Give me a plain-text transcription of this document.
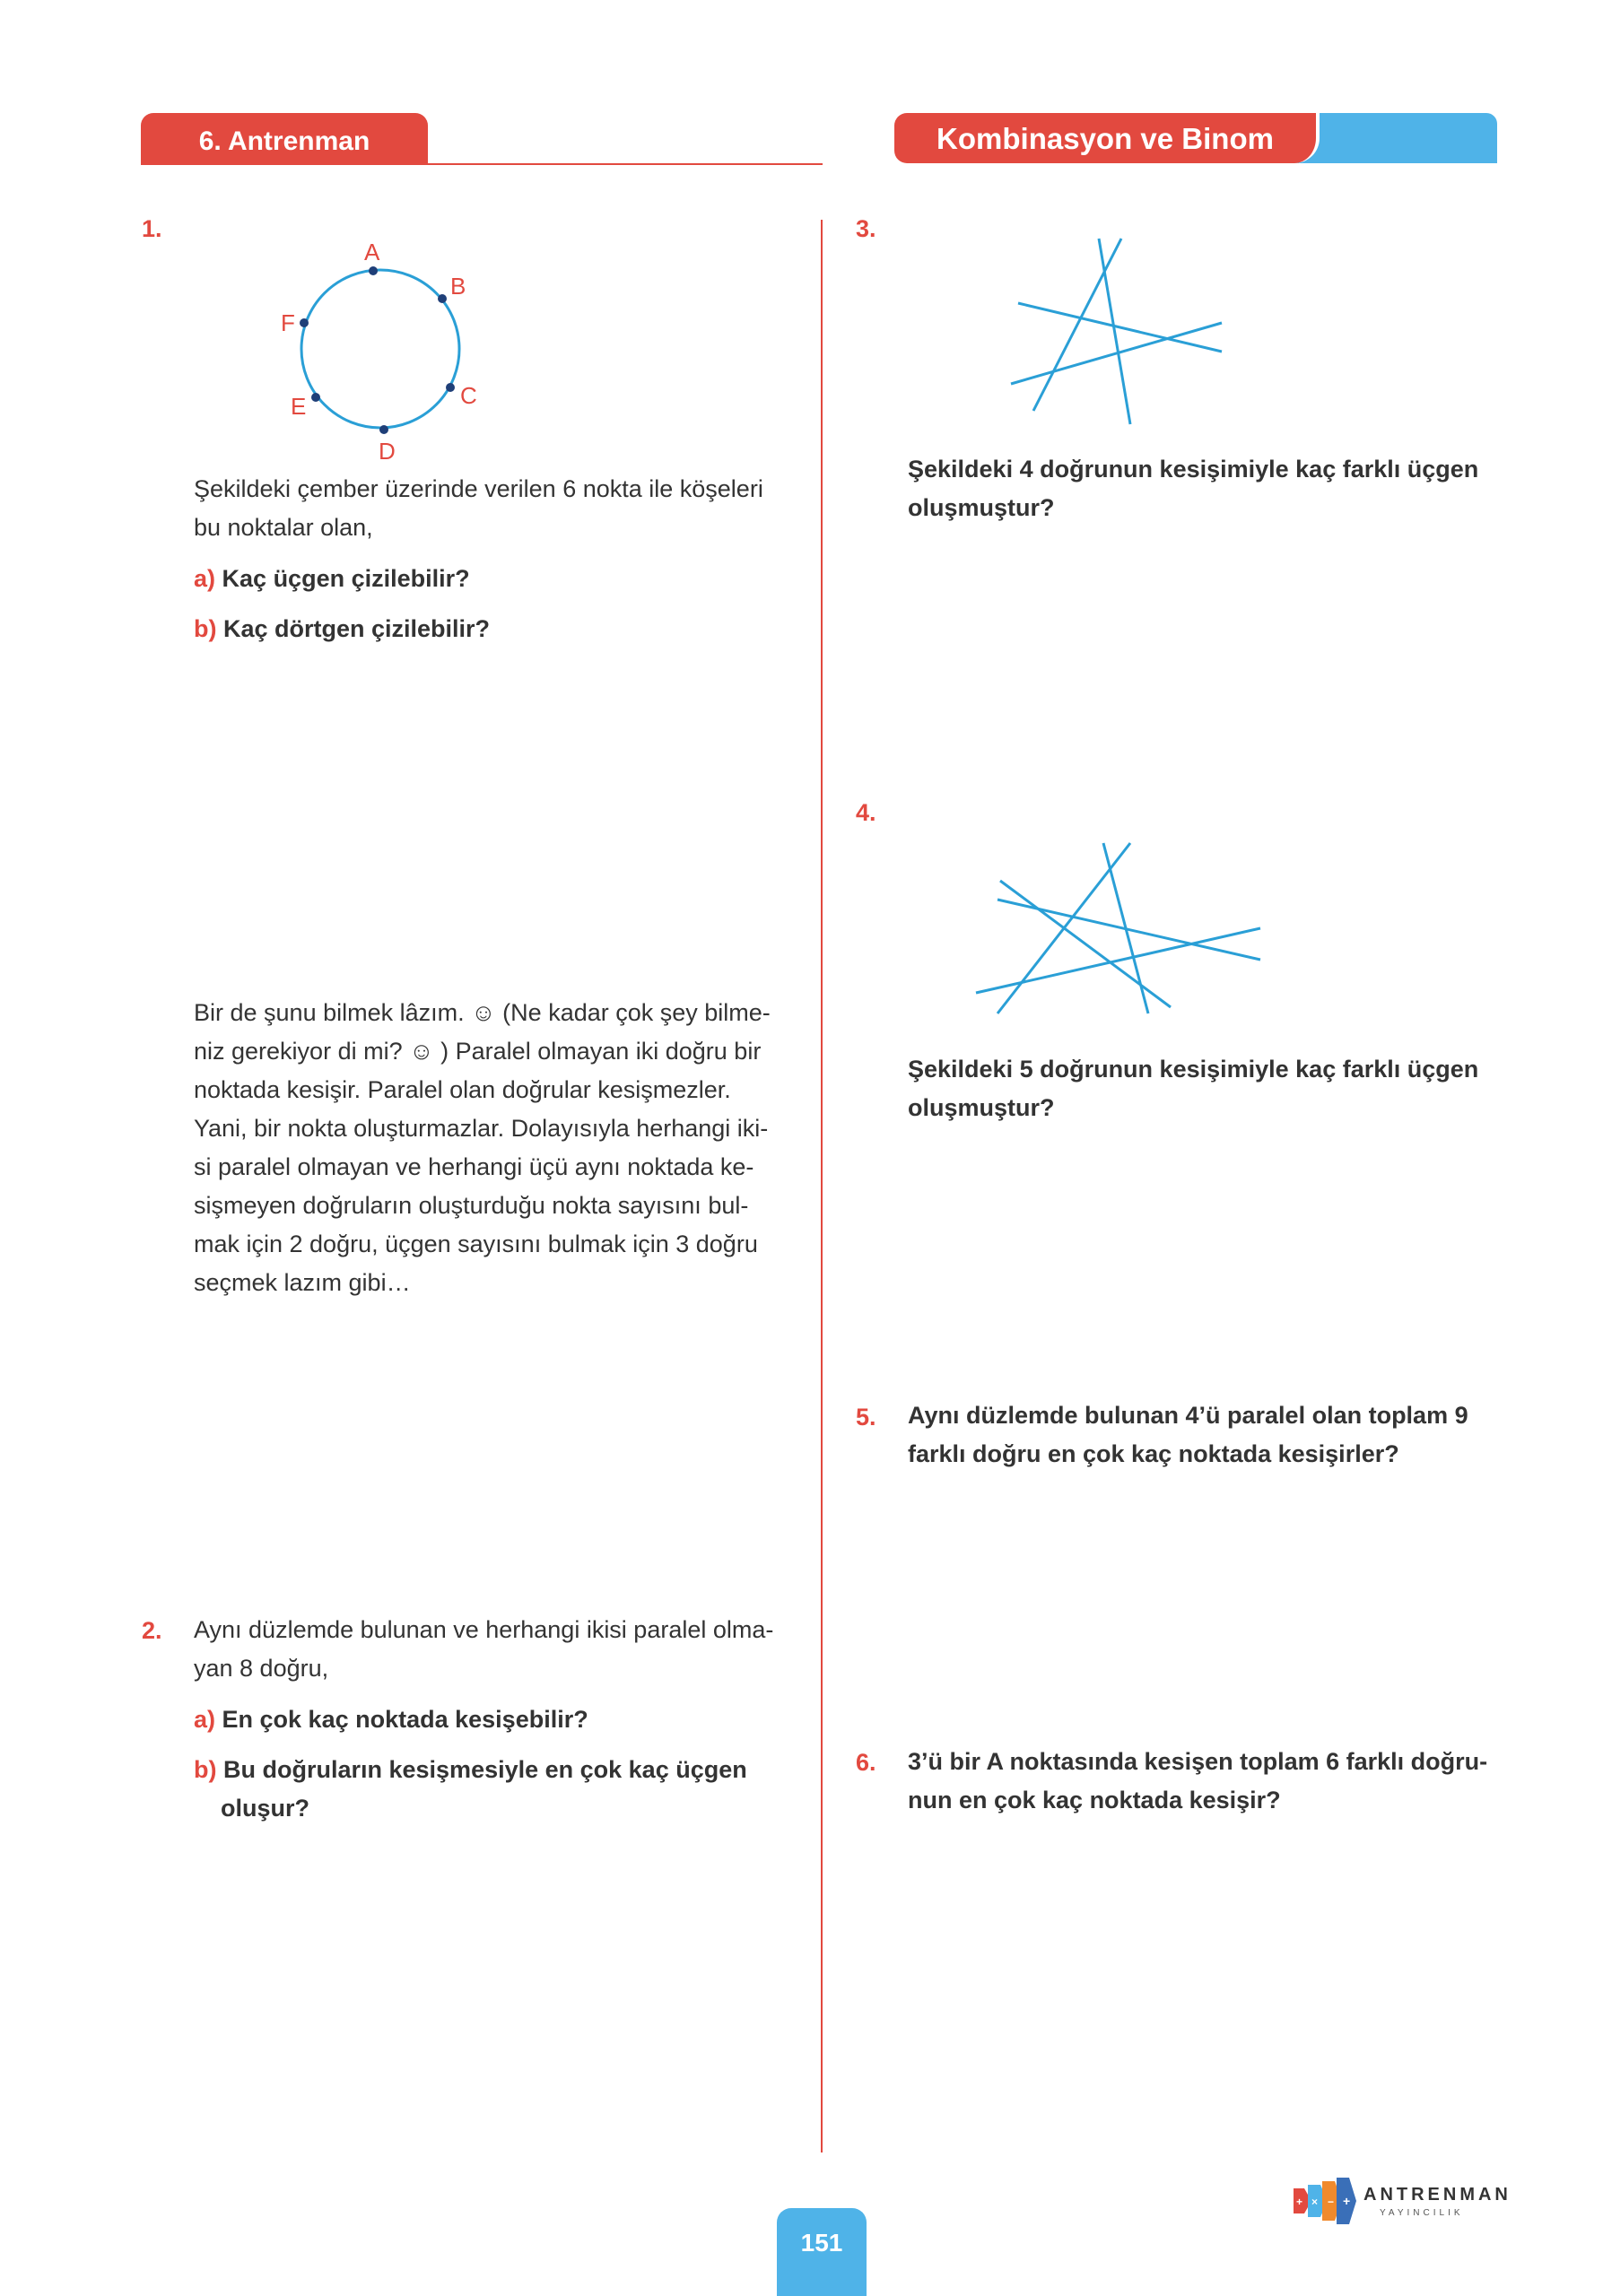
6. Antrenman	Kombinasyon ve Binom
1.
A
B
C
D
E
F
Şekildeki çember üzerinde verilen 6 nokta ile köşeleri
bu noktalar olan,
a) Kaç üçgen çizilebilir?
b) Kaç dörtgen çizilebilir?
Bir de şunu bilmek lâzım. ☺ (Ne kadar çok şey bilme-
niz gerekiyor di mi? ☺ ) Paralel olmayan iki doğru bir
noktada kesişir. Paralel olan doğrular kesişmezler.
Yani, bir nokta oluşturmazlar. Dolayısıyla herhangi iki-
si paralel olmayan ve herhangi üçü aynı noktada ke-
sişmeyen doğruların oluşturduğu nokta sayısını bul-
mak için 2 doğru, üçgen sayısını bulmak için 3 doğru
seçmek lazım gibi…
2. Aynı düzlemde bulunan ve herhangi ikisi paralel olma-
yan 8 doğru,
a) En çok kaç noktada kesişebilir?
b) Bu doğruların kesişmesiyle en çok kaç üçgen
oluşur?
3.
Şekildeki 4 doğrunun kesişimiyle kaç farklı üçgen
oluşmuştur?
4.
Şekildeki 5 doğrunun kesişimiyle kaç farklı üçgen
oluşmuştur?
5. Aynı düzlemde bulunan 4’ü paralel olan toplam 9
farklı doğru en çok kaç noktada kesişirler?
6. 3’ü bir A noktasında kesişen toplam 6 farklı doğru-
nun en çok kaç noktada kesişir?
+ × − + ANTRENMAN
YAYINCILIK
151
